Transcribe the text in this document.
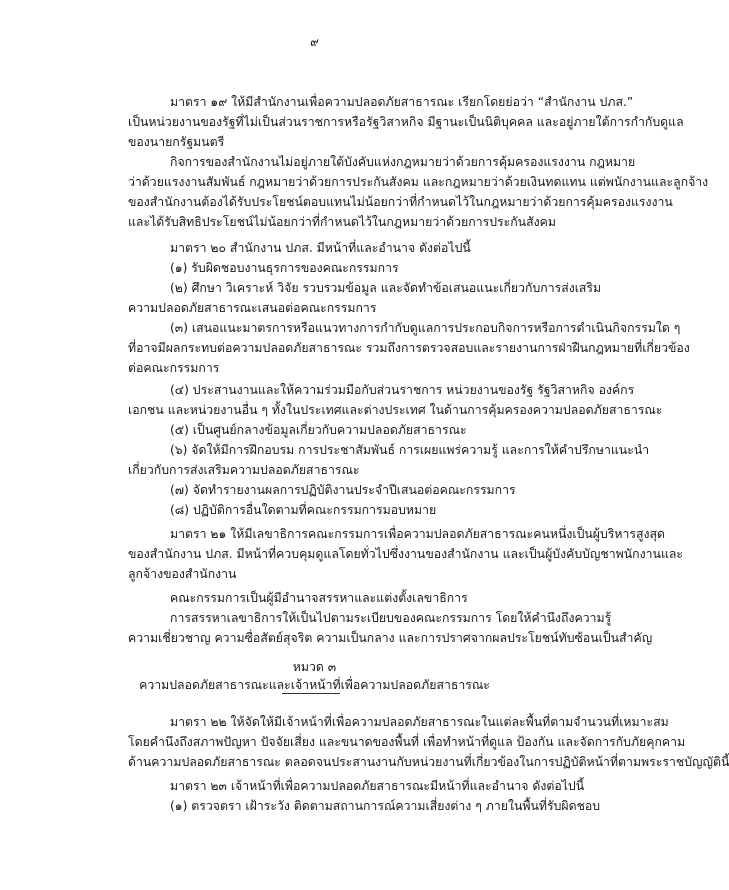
๙
มาตรา ๑๙ ให้มีสำนักงานเพื่อความปลอดภัยสาธารณะ เรียกโดยย่อว่า “สำนักงาน ปภส.”
เป็นหน่วยงานของรัฐที่ไม่เป็นส่วนราชการหรือรัฐวิสาหกิจ มีฐานะเป็นนิติบุคคล และอยู่ภายใต้การกำกับดูแล
ของนายกรัฐมนตรี
กิจการของสำนักงานไม่อยู่ภายใต้บังคับแห่งกฎหมายว่าด้วยการคุ้มครองแรงงาน กฎหมาย
ว่าด้วยแรงงานสัมพันธ์ กฎหมายว่าด้วยการประกันสังคม และกฎหมายว่าด้วยเงินทดแทน แต่พนักงานและลูกจ้าง
ของสำนักงานต้องได้รับประโยชน์ตอบแทนไม่น้อยกว่าที่กำหนดไว้ในกฎหมายว่าด้วยการคุ้มครองแรงงาน
และได้รับสิทธิประโยชน์ไม่น้อยกว่าที่กำหนดไว้ในกฎหมายว่าด้วยการประกันสังคม
มาตรา ๒๐ สำนักงาน ปภส. มีหน้าที่และอำนาจ ดังต่อไปนี้
(๑) รับผิดชอบงานธุรการของคณะกรรมการ
(๒) ศึกษา วิเคราะห์ วิจัย รวบรวมข้อมูล และจัดทำข้อเสนอแนะเกี่ยวกับการส่งเสริม
ความปลอดภัยสาธารณะเสนอต่อคณะกรรมการ
(๓) เสนอแนะมาตรการหรือแนวทางการกำกับดูแลการประกอบกิจการหรือการดำเนินกิจกรรมใด ๆ
ที่อาจมีผลกระทบต่อความปลอดภัยสาธารณะ รวมถึงการตรวจสอบและรายงานการฝ่าฝืนกฎหมายที่เกี่ยวข้อง
ต่อคณะกรรมการ
(๔) ประสานงานและให้ความร่วมมือกับส่วนราชการ หน่วยงานของรัฐ รัฐวิสาหกิจ องค์กร
เอกชน และหน่วยงานอื่น ๆ ทั้งในประเทศและต่างประเทศ ในด้านการคุ้มครองความปลอดภัยสาธารณะ
(๕) เป็นศูนย์กลางข้อมูลเกี่ยวกับความปลอดภัยสาธารณะ
(๖) จัดให้มีการฝึกอบรม การประชาสัมพันธ์ การเผยแพร่ความรู้ และการให้คำปรึกษาแนะนำ
เกี่ยวกับการส่งเสริมความปลอดภัยสาธารณะ
(๗) จัดทำรายงานผลการปฏิบัติงานประจำปีเสนอต่อคณะกรรมการ
(๘) ปฏิบัติการอื่นใดตามที่คณะกรรมการมอบหมาย
มาตรา ๒๑ ให้มีเลขาธิการคณะกรรมการเพื่อความปลอดภัยสาธารณะคนหนึ่งเป็นผู้บริหารสูงสุด
ของสำนักงาน ปภส. มีหน้าที่ควบคุมดูแลโดยทั่วไปซึ่งงานของสำนักงาน และเป็นผู้บังคับบัญชาพนักงานและ
ลูกจ้างของสำนักงาน
คณะกรรมการเป็นผู้มีอำนาจสรรหาและแต่งตั้งเลขาธิการ
การสรรหาเลขาธิการให้เป็นไปตามระเบียบของคณะกรรมการ โดยให้คำนึงถึงความรู้
ความเชี่ยวชาญ ความซื่อสัตย์สุจริต ความเป็นกลาง และการปราศจากผลประโยชน์ทับซ้อนเป็นสำคัญ
หมวด ๓
ความปลอดภัยสาธารณะและเจ้าหน้าที่เพื่อความปลอดภัยสาธารณะ
มาตรา ๒๒ ให้จัดให้มีเจ้าหน้าที่เพื่อความปลอดภัยสาธารณะในแต่ละพื้นที่ตามจำนวนที่เหมาะสม
โดยคำนึงถึงสภาพปัญหา ปัจจัยเสี่ยง และขนาดของพื้นที่ เพื่อทำหน้าที่ดูแล ป้องกัน และจัดการกับภัยคุกคาม
ด้านความปลอดภัยสาธารณะ ตลอดจนประสานงานกับหน่วยงานที่เกี่ยวข้องในการปฏิบัติหน้าที่ตามพระราชบัญญัตินี้
มาตรา ๒๓ เจ้าหน้าที่เพื่อความปลอดภัยสาธารณะมีหน้าที่และอำนาจ ดังต่อไปนี้
(๑) ตรวจตรา เฝ้าระวัง ติดตามสถานการณ์ความเสี่ยงต่าง ๆ ภายในพื้นที่รับผิดชอบ
